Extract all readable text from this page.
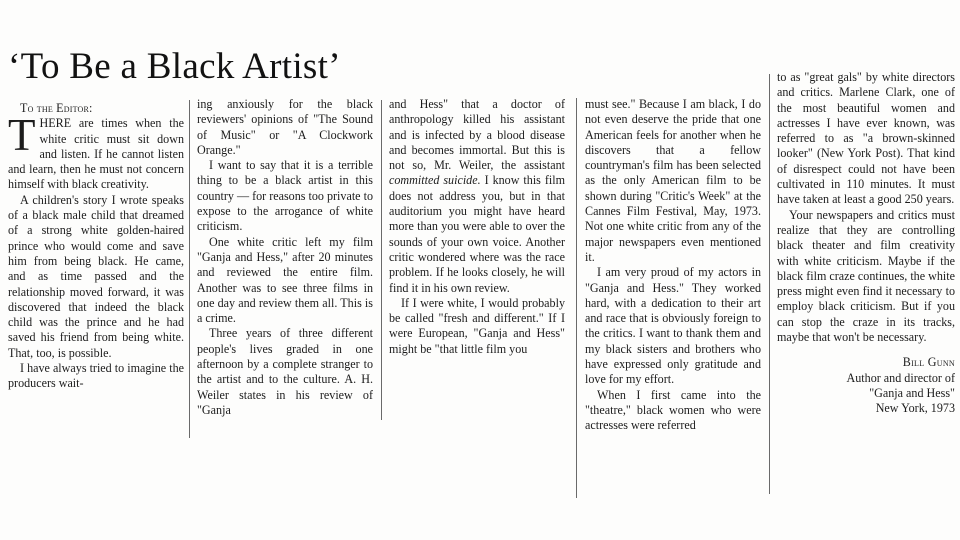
‘To Be a Black Artist’

To the Editor:

THERE are times when the white critic must sit down and listen. If he cannot listen and learn, then he must not concern himself with black creativity.

A children's story I wrote speaks of a black male child that dreamed of a strong white golden-haired prince who would come and save him from being black. He came, and as time passed and the relationship moved forward, it was discovered that indeed the black child was the prince and he had saved his friend from being white. That, too, is possible.

I have always tried to imagine the producers wait-

ing anxiously for the black reviewers' opinions of "The Sound of Music" or "A Clockwork Orange."

I want to say that it is a terrible thing to be a black artist in this country — for reasons too private to expose to the arrogance of white criticism.

One white critic left my film "Ganja and Hess," after 20 minutes and reviewed the entire film. Another was to see three films in one day and review them all. This is a crime.

Three years of three different people's lives graded in one afternoon by a complete stranger to the artist and to the culture. A. H. Weiler states in his review of "Ganja

and Hess" that a doctor of anthropology killed his assistant and is infected by a blood disease and becomes immortal. But this is not so, Mr. Weiler, the assistant committed suicide. I know this film does not address you, but in that auditorium you might have heard more than you were able to over the sounds of your own voice. Another critic wondered where was the race problem. If he looks closely, he will find it in his own review.

If I were white, I would probably be called "fresh and different." If I were European, "Ganja and Hess" might be "that little film you

must see." Because I am black, I do not even deserve the pride that one American feels for another when he discovers that a fellow countryman's film has been selected as the only American film to be shown during "Critic's Week" at the Cannes Film Festival, May, 1973. Not one white critic from any of the major newspapers even mentioned it.

I am very proud of my actors in "Ganja and Hess." They worked hard, with a dedication to their art and race that is obviously foreign to the critics. I want to thank them and my black sisters and brothers who have expressed only gratitude and love for my effort.

When I first came into the "theatre," black women who were actresses were referred

to as "great gals" by white directors and critics. Marlene Clark, one of the most beautiful women and actresses I have ever known, was referred to as "a brown-skinned looker" (New York Post). That kind of disrespect could not have been cultivated in 110 minutes. It must have taken at least a good 250 years.

Your newspapers and critics must realize that they are controlling black theater and film creativity with white criticism. Maybe if the black film craze continues, the white press might even find it necessary to employ black criticism. But if you can stop the craze in its tracks, maybe that won't be necessary.

Bill Gunn

Author and director of

"Ganja and Hess"

New York, 1973
